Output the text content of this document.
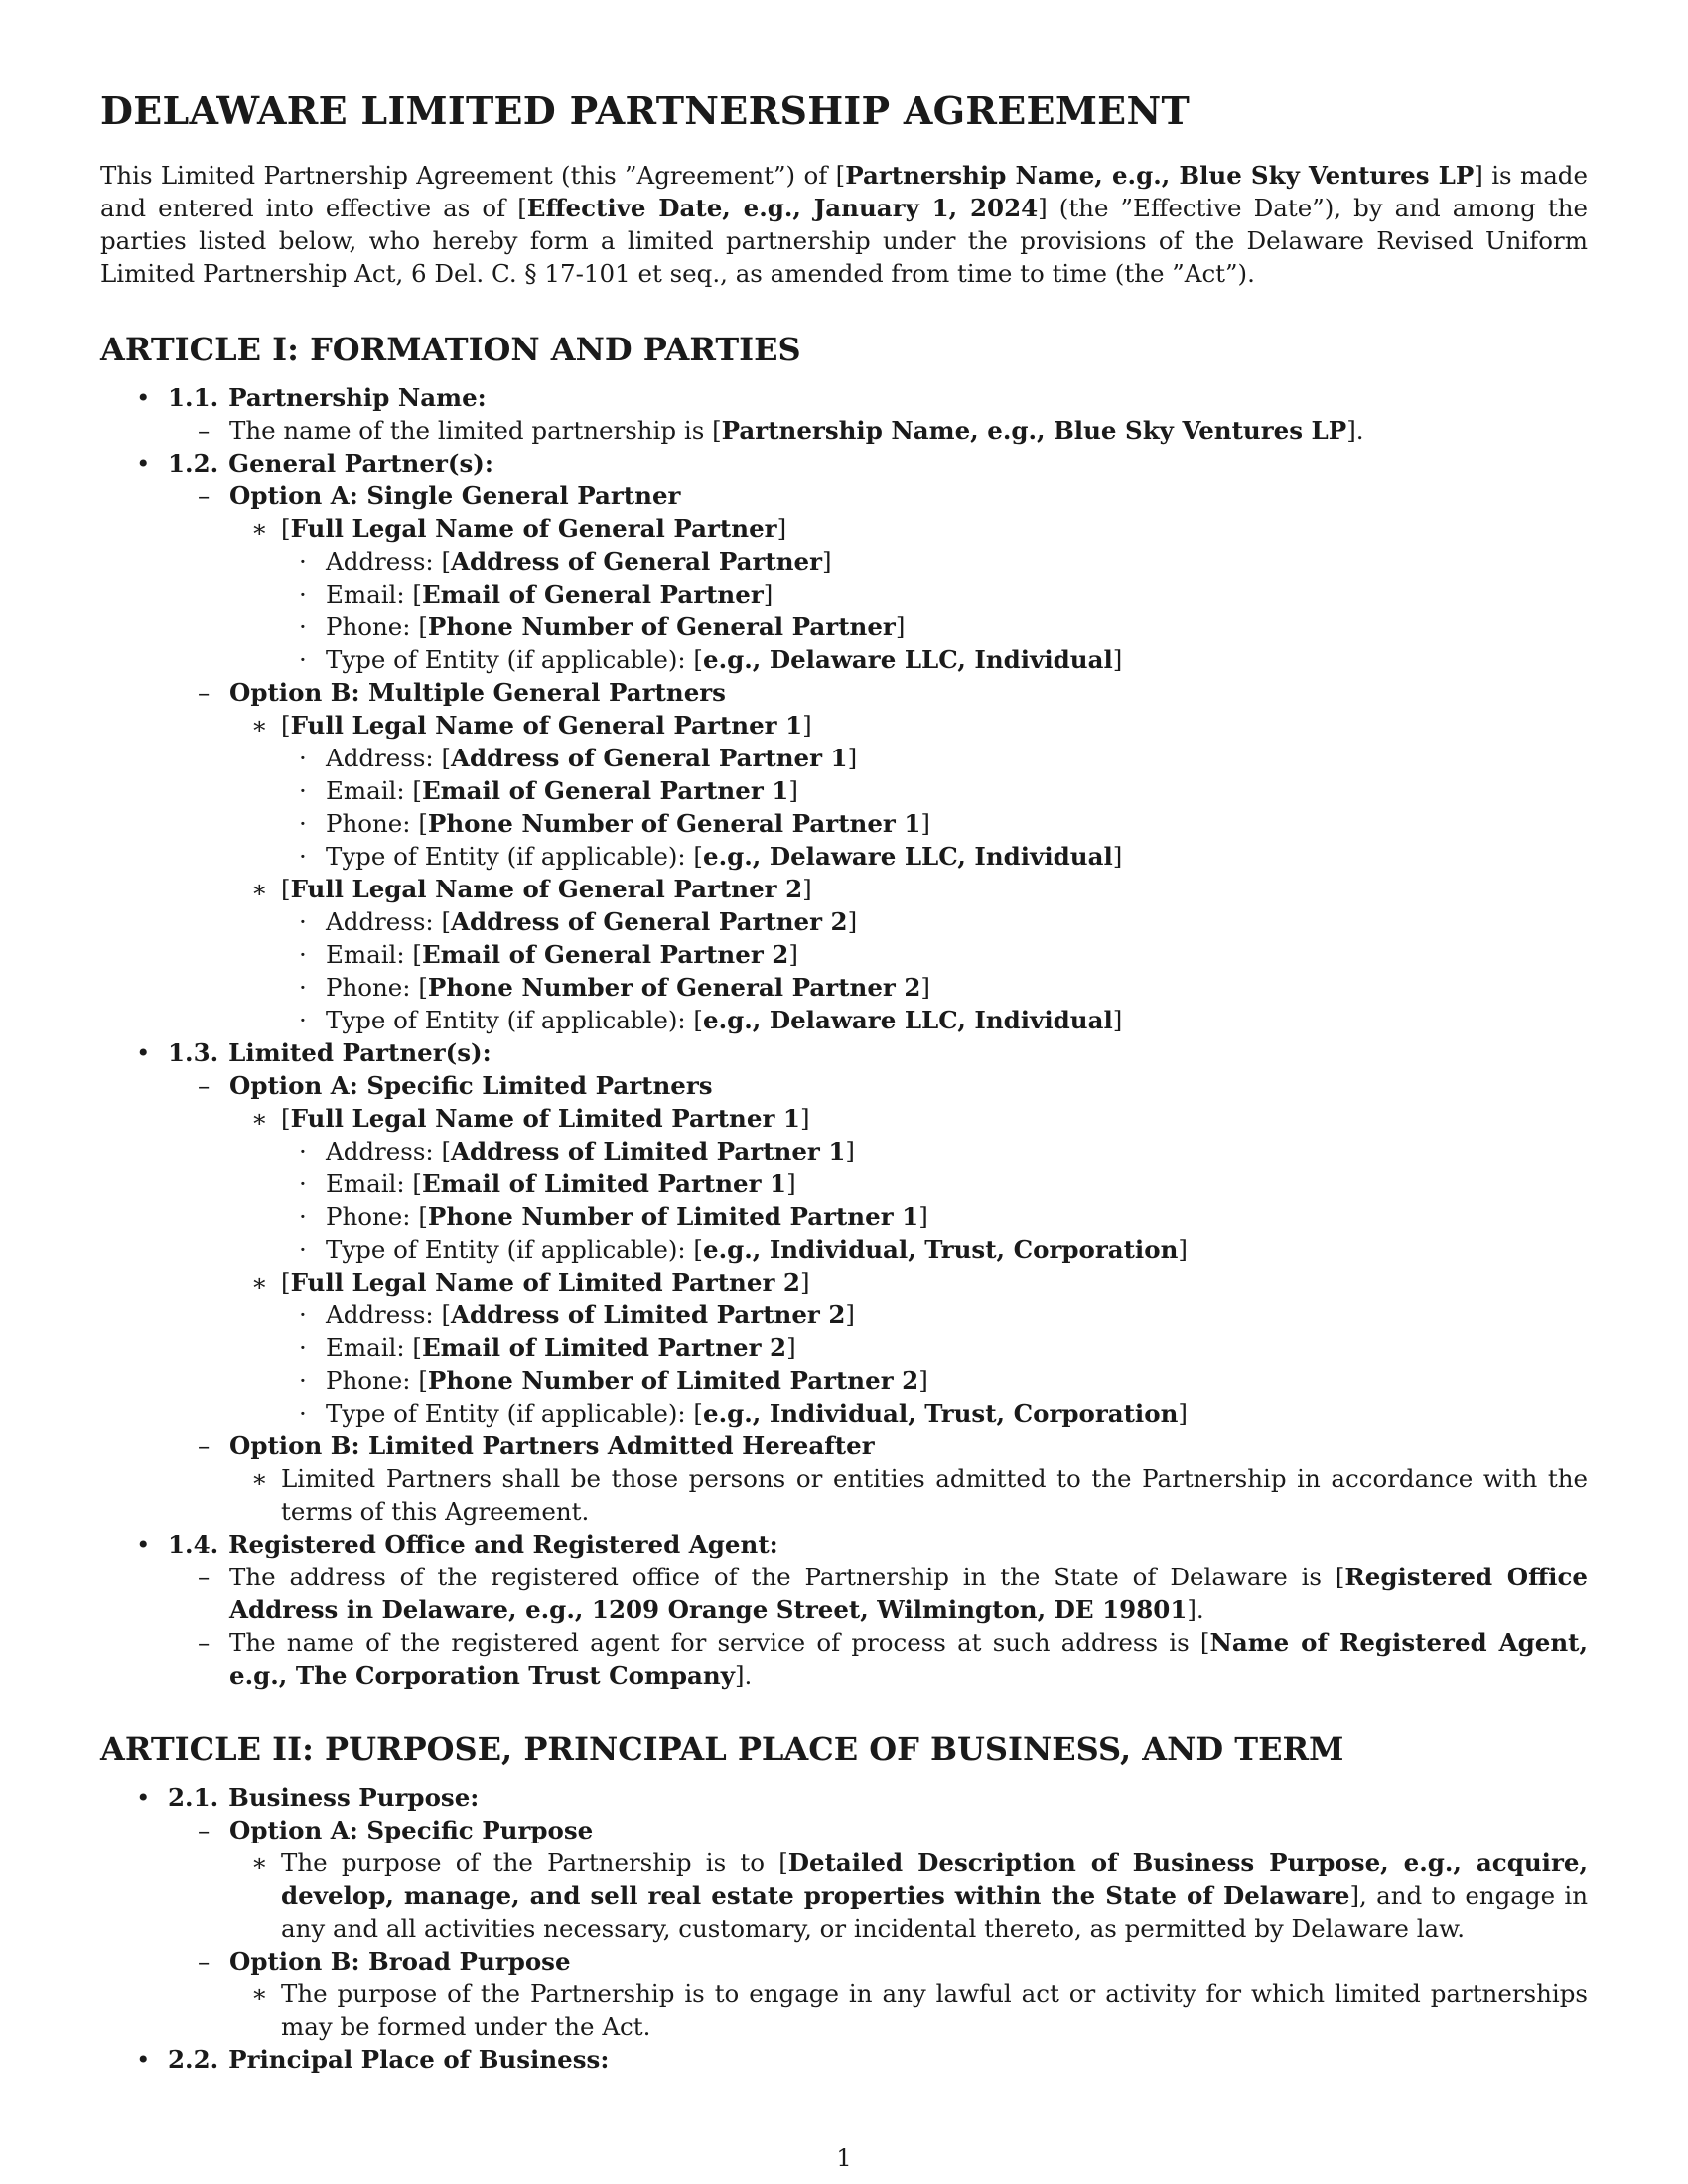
DELAWARE LIMITED PARTNERSHIP AGREEMENT

This Limited Partnership Agreement (this ”Agreement”) of [Partnership Name, e.g., Blue Sky Ventures LP] is made and entered into effective as of [Effective Date, e.g., January 1, 2024] (the ”Effective Date”), by and among the parties listed below, who hereby form a limited partnership under the provisions of the Delaware Revised Uniform Limited Partnership Act, 6 Del. C. § 17-101 et seq., as amended from time to time (the ”Act”).

ARTICLE I: FORMATION AND PARTIES
• 1.1. Partnership Name:
– The name of the limited partnership is [Partnership Name, e.g., Blue Sky Ventures LP].
• 1.2. General Partner(s):
– Option A: Single General Partner
∗ [Full Legal Name of General Partner]
· Address: [Address of General Partner]
· Email: [Email of General Partner]
· Phone: [Phone Number of General Partner]
· Type of Entity (if applicable): [e.g., Delaware LLC, Individual]
– Option B: Multiple General Partners
∗ [Full Legal Name of General Partner 1]
· Address: [Address of General Partner 1]
· Email: [Email of General Partner 1]
· Phone: [Phone Number of General Partner 1]
· Type of Entity (if applicable): [e.g., Delaware LLC, Individual]
∗ [Full Legal Name of General Partner 2]
· Address: [Address of General Partner 2]
· Email: [Email of General Partner 2]
· Phone: [Phone Number of General Partner 2]
· Type of Entity (if applicable): [e.g., Delaware LLC, Individual]
• 1.3. Limited Partner(s):
– Option A: Specific Limited Partners
∗ [Full Legal Name of Limited Partner 1]
· Address: [Address of Limited Partner 1]
· Email: [Email of Limited Partner 1]
· Phone: [Phone Number of Limited Partner 1]
· Type of Entity (if applicable): [e.g., Individual, Trust, Corporation]
∗ [Full Legal Name of Limited Partner 2]
· Address: [Address of Limited Partner 2]
· Email: [Email of Limited Partner 2]
· Phone: [Phone Number of Limited Partner 2]
· Type of Entity (if applicable): [e.g., Individual, Trust, Corporation]
– Option B: Limited Partners Admitted Hereafter
∗ Limited Partners shall be those persons or entities admitted to the Partnership in accordance with the terms of this Agreement.
• 1.4. Registered Office and Registered Agent:
– The address of the registered office of the Partnership in the State of Delaware is [Registered Office Address in Delaware, e.g., 1209 Orange Street, Wilmington, DE 19801].
– The name of the registered agent for service of process at such address is [Name of Registered Agent, e.g., The Corporation Trust Company].
ARTICLE II: PURPOSE, PRINCIPAL PLACE OF BUSINESS, AND TERM
• 2.1. Business Purpose:
– Option A: Specific Purpose
∗ The purpose of the Partnership is to [Detailed Description of Business Purpose, e.g., acquire, develop, manage, and sell real estate properties within the State of Delaware], and to engage in any and all activities necessary, customary, or incidental thereto, as permitted by Delaware law.
– Option B: Broad Purpose
∗ The purpose of the Partnership is to engage in any lawful act or activity for which limited partnerships may be formed under the Act.
• 2.2. Principal Place of Business:
1
